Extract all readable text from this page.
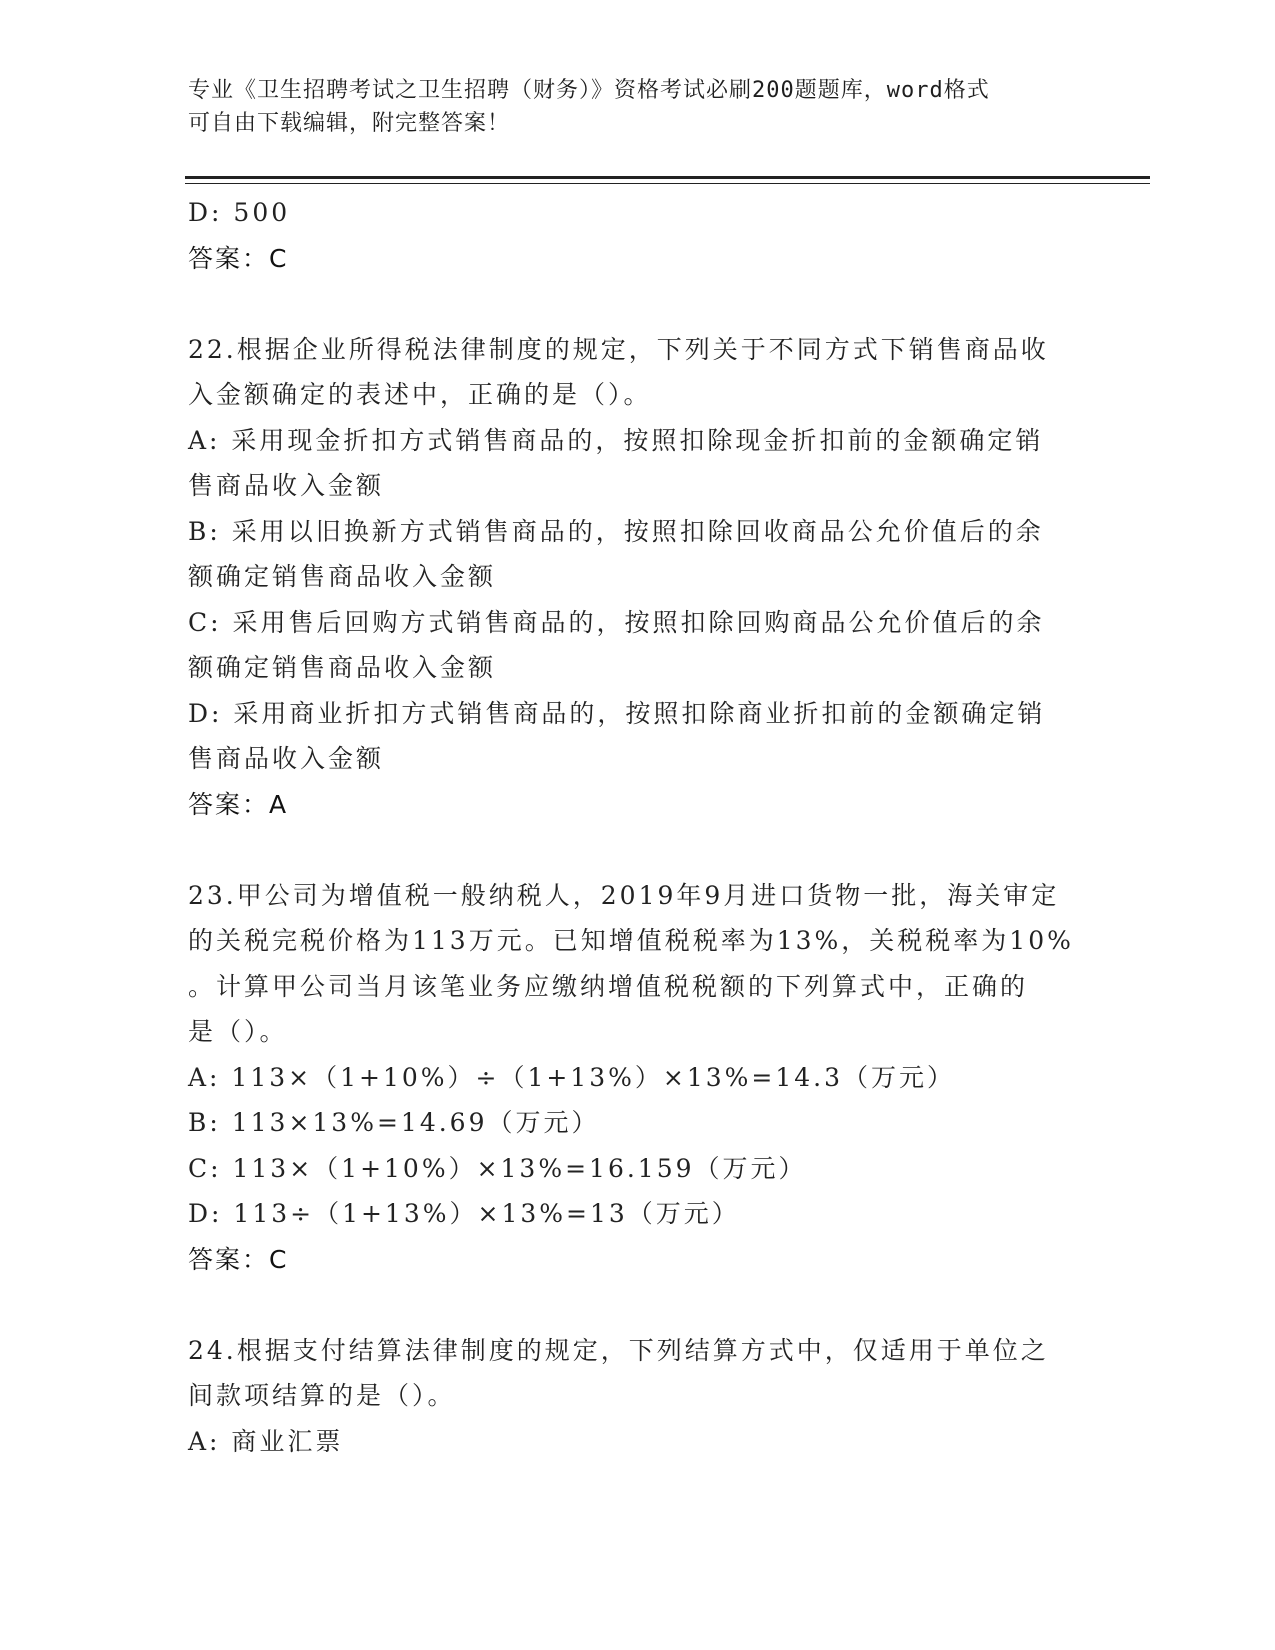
专业《卫生招聘考试之卫生招聘（财务）》资格考试必刷200题题库，word格式
可自由下载编辑，附完整答案！
D: 500
答案：C
22.根据企业所得税法律制度的规定，下列关于不同方式下销售商品收
入金额确定的表述中，正确的是（）。
A: 采用现金折扣方式销售商品的，按照扣除现金折扣前的金额确定销
售商品收入金额
B: 采用以旧换新方式销售商品的，按照扣除回收商品公允价值后的余
额确定销售商品收入金额
C: 采用售后回购方式销售商品的，按照扣除回购商品公允价值后的余
额确定销售商品收入金额
D: 采用商业折扣方式销售商品的，按照扣除商业折扣前的金额确定销
售商品收入金额
答案：A
23.甲公司为增值税一般纳税人，2019年9月进口货物一批，海关审定
的关税完税价格为113万元。已知增值税税率为13%，关税税率为10%
。计算甲公司当月该笔业务应缴纳增值税税额的下列算式中，正确的
是（）。
A: 113×（1+10%）÷（1+13%）×13%=14.3（万元）
B: 113×13%=14.69（万元）
C: 113×（1+10%）×13%=16.159（万元）
D: 113÷（1+13%）×13%=13（万元）
答案：C
24.根据支付结算法律制度的规定，下列结算方式中，仅适用于单位之
间款项结算的是（）。
A: 商业汇票
